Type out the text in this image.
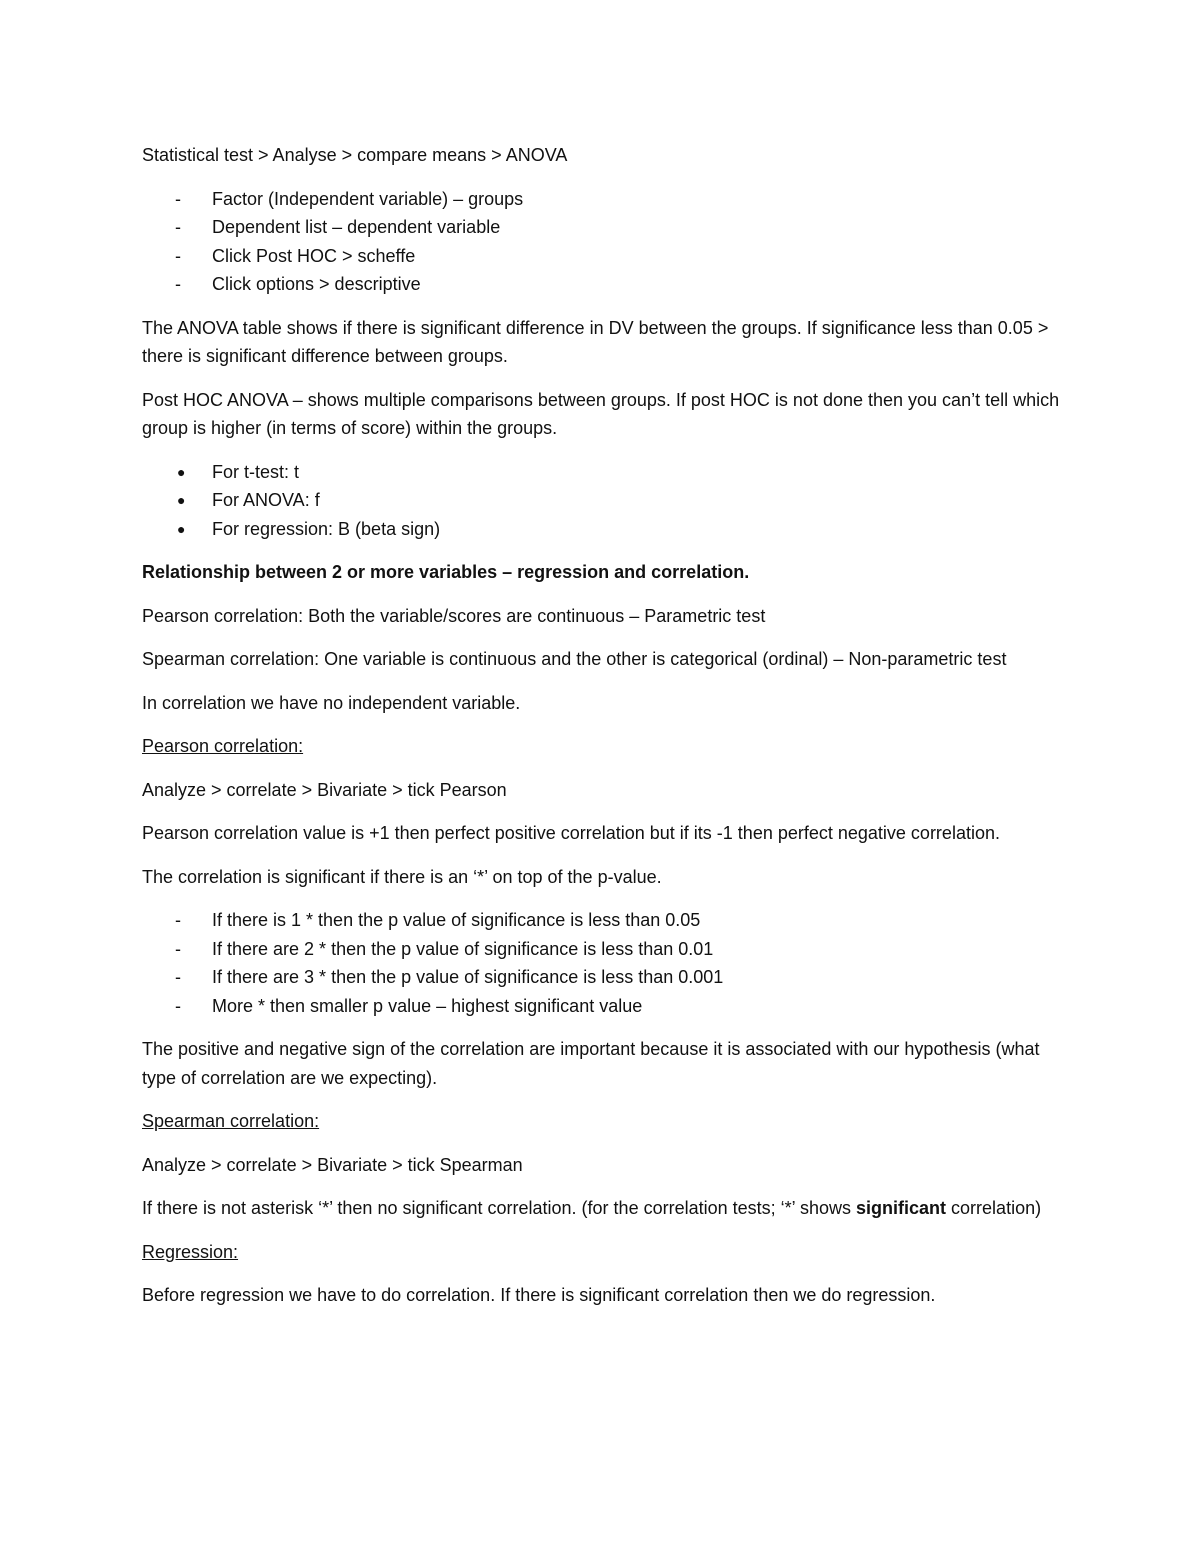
Statistical test > Analyse > compare means > ANOVA

-	Factor (Independent variable) – groups
-	Dependent list – dependent variable
-	Click Post HOC > scheffe
-	Click options > descriptive

The ANOVA table shows if there is significant difference in DV between the groups. If significance less than 0.05 > there is significant difference between groups.

Post HOC ANOVA – shows multiple comparisons between groups. If post HOC is not done then you can’t tell which group is higher (in terms of score) within the groups.

●	For t-test: t
●	For ANOVA: f
●	For regression: B (beta sign)

Relationship between 2 or more variables – regression and correlation.

Pearson correlation: Both the variable/scores are continuous – Parametric test

Spearman correlation: One variable is continuous and the other is categorical (ordinal) – Non-parametric test

In correlation we have no independent variable.

Pearson correlation:

Analyze > correlate > Bivariate > tick Pearson

Pearson correlation value is +1 then perfect positive correlation but if its -1 then perfect negative correlation.

The correlation is significant if there is an ‘*’ on top of the p-value.

-	If there is 1 * then the p value of significance is less than 0.05
-	If there are 2 * then the p value of significance is less than 0.01
-	If there are 3 * then the p value of significance is less than 0.001
-	More * then smaller p value – highest significant value

The positive and negative sign of the correlation are important because it is associated with our hypothesis (what type of correlation are we expecting).

Spearman correlation:

Analyze > correlate > Bivariate > tick Spearman

If there is not asterisk ‘*’ then no significant correlation. (for the correlation tests; ‘*’ shows significant correlation)

Regression:

Before regression we have to do correlation. If there is significant correlation then we do regression.
